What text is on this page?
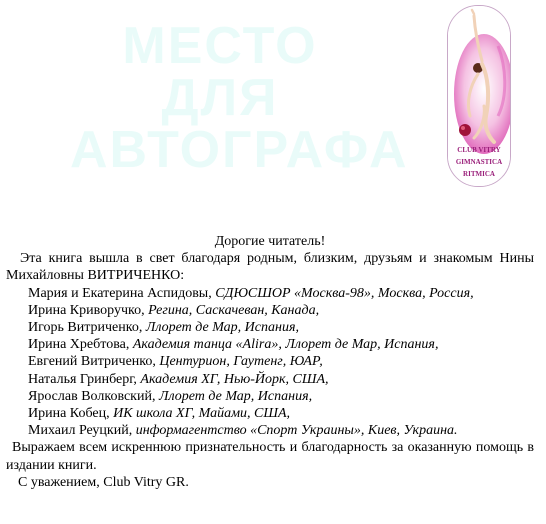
МЕСТО
ДЛЯ
АВТОГРАФА	CLUB VITRY
GIMNASTICA
RITMICA

Дорогие читатель!

Эта книга вышла в свет благодаря родным, близким, друзьям и знакомым Нины Михайловны ВИТРИЧЕНКО:

Мария и Екатерина Аспидовы, СДЮСШОР «Москва-98», Москва, Россия,

Ирина Криворучко, Регина, Саскачеван, Канада,

Игорь Витриченко, Ллорет де Мар, Испания,

Ирина Хребтова, Академия танца «Alira», Ллорет де Мар, Испания,

Евгений Витриченко, Центурион, Гаутенг, ЮАР,

Наталья Гринберг, Академия ХГ, Нью-Йорк, США,

Ярослав Волковский, Ллорет де Мар, Испания,

Ирина Кобец, ИК школа ХГ, Майами, США,

Михаил Реуцкий, информагентство «Спорт Украины», Киев, Украина.

Выражаем всем искреннюю признательность и благодарность за оказанную помощь в издании книги.

С уважением, Club Vitry GR.
